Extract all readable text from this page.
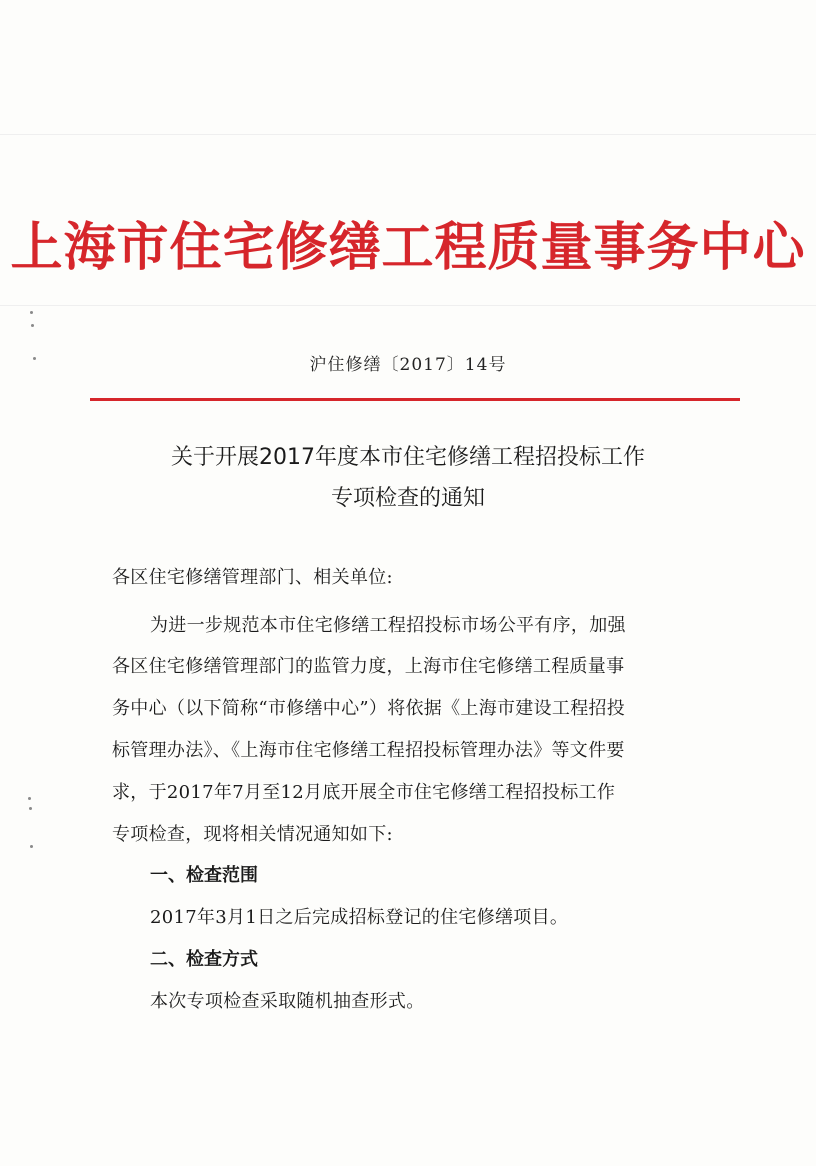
上海市住宅修缮工程质量事务中心
沪住修缮〔2017〕14号
关于开展2017年度本市住宅修缮工程招投标工作
专项检查的通知
各区住宅修缮管理部门、相关单位:
为进一步规范本市住宅修缮工程招投标市场公平有序，加强
各区住宅修缮管理部门的监管力度，上海市住宅修缮工程质量事
务中心（以下简称“市修缮中心”）将依据《上海市建设工程招投
标管理办法》、《上海市住宅修缮工程招投标管理办法》等文件要
求，于2017年7月至12月底开展全市住宅修缮工程招投标工作
专项检查，现将相关情况通知如下:
一、检查范围
2017年3月1日之后完成招标登记的住宅修缮项目。
二、检查方式
本次专项检查采取随机抽查形式。
